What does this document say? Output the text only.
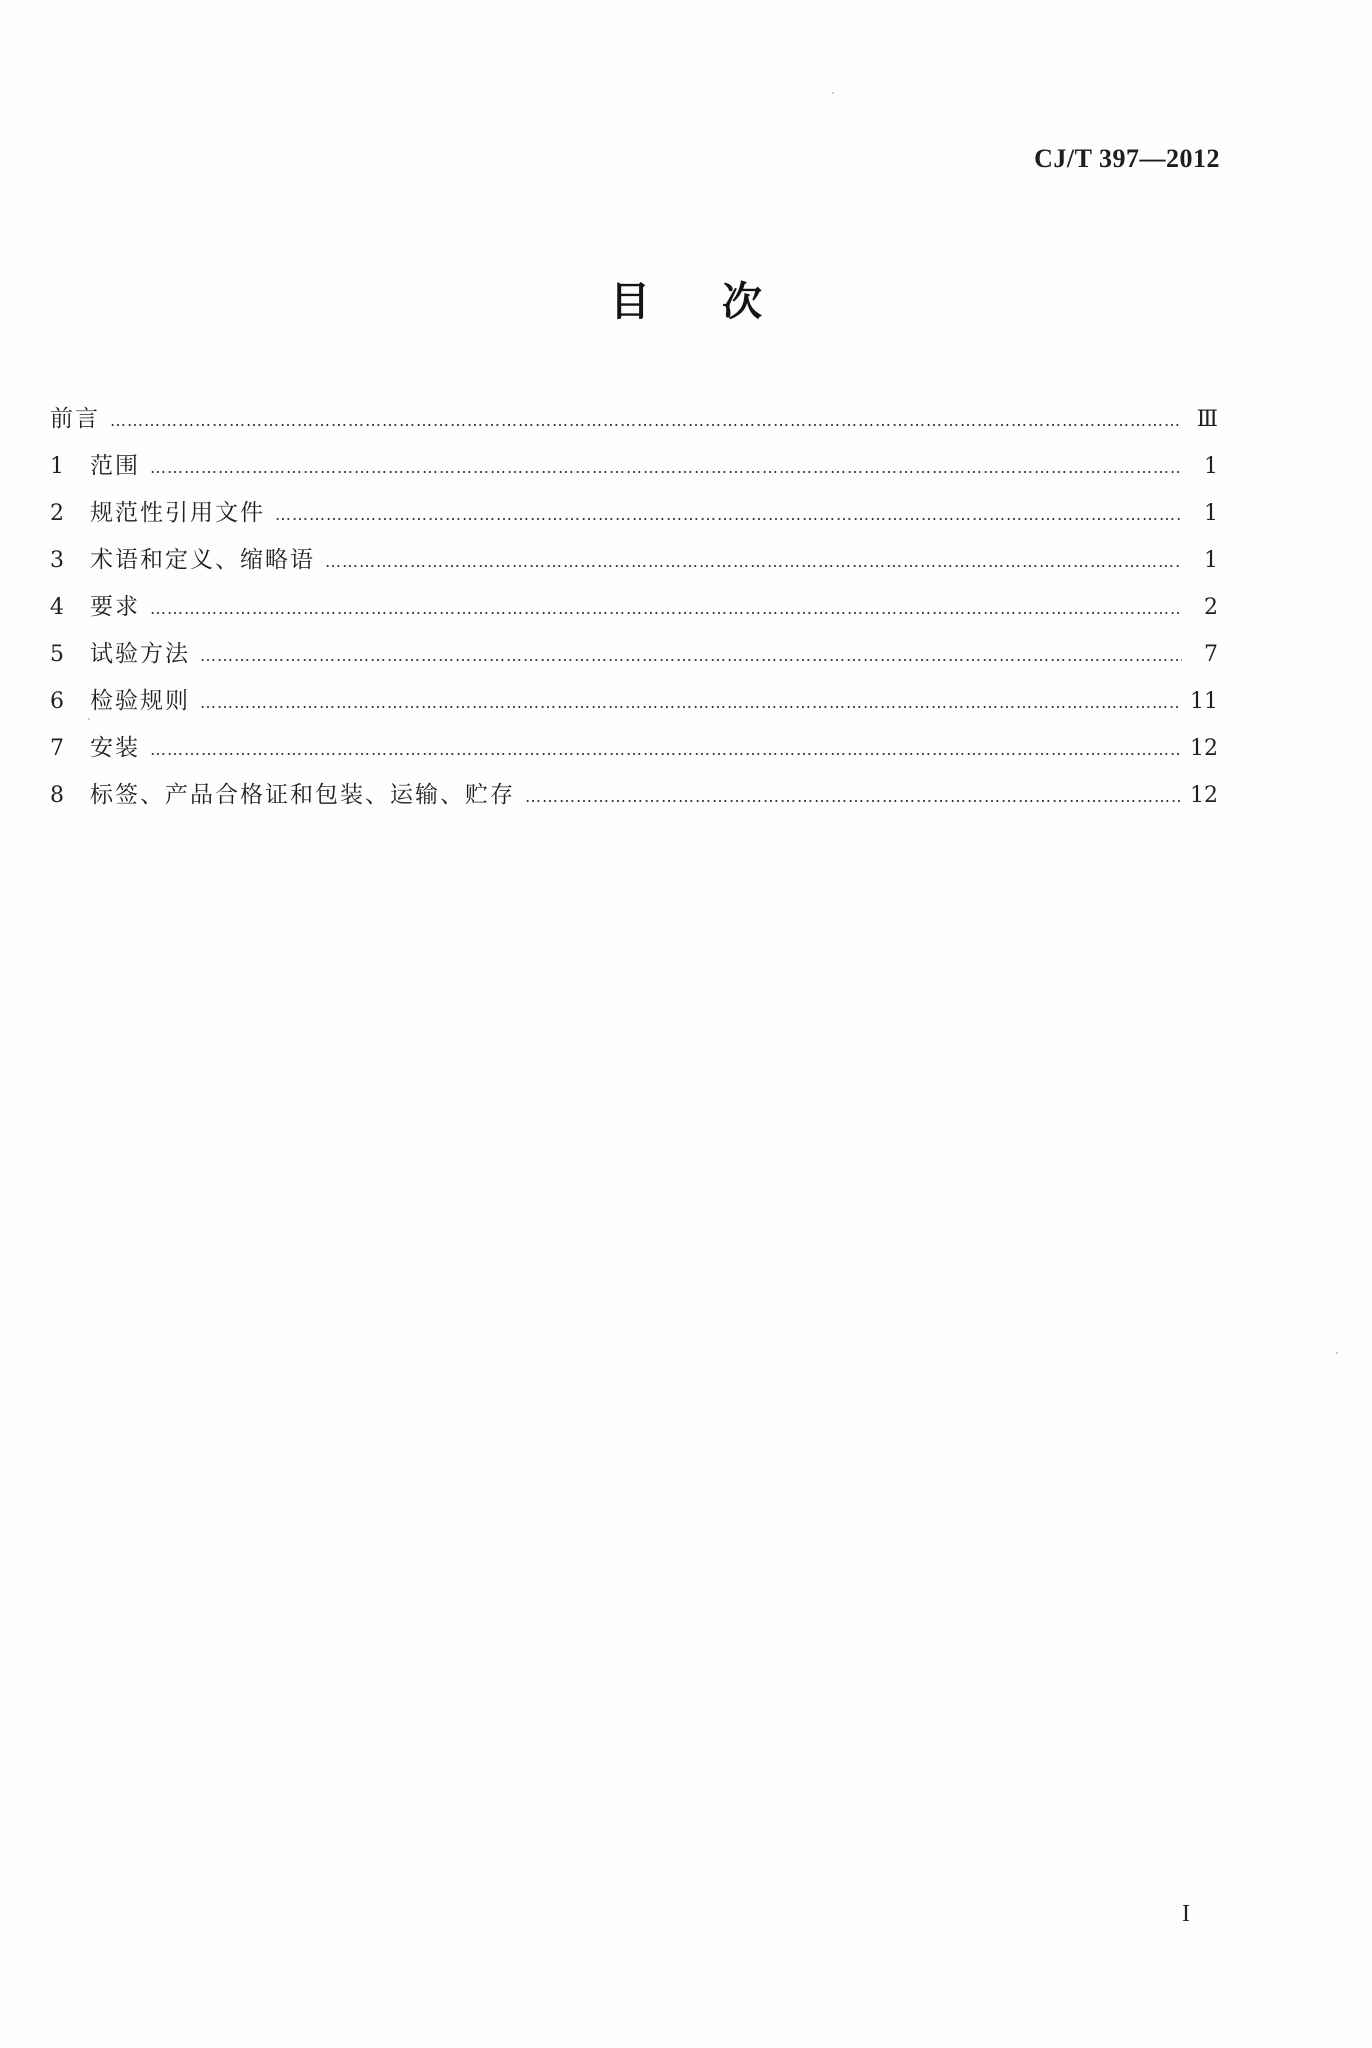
CJ/T 397—2012
目次
前言 ……………………………………………………………………………………………………………………………………………………………………………………………………………………………………………………………	Ⅲ
1	范围 ……………………………………………………………………………………………………………………………………………………………………………………………………………………………………………………………	1
2	规范性引用文件 ……………………………………………………………………………………………………………………………………………………………………………………………………………………………………………………………	1
3	术语和定义、缩略语 ……………………………………………………………………………………………………………………………………………………………………………………………………………………………………………………………	1
4	要求 ……………………………………………………………………………………………………………………………………………………………………………………………………………………………………………………………	2
5	试验方法 ……………………………………………………………………………………………………………………………………………………………………………………………………………………………………………………………	7
6	检验规则 ……………………………………………………………………………………………………………………………………………………………………………………………………………………………………………………………	11
7	安装 ……………………………………………………………………………………………………………………………………………………………………………………………………………………………………………………………	12
8	标签、产品合格证和包装、运输、贮存 ……………………………………………………………………………………………………………………………………………………………………………………………………………………………………………………………	12
I
